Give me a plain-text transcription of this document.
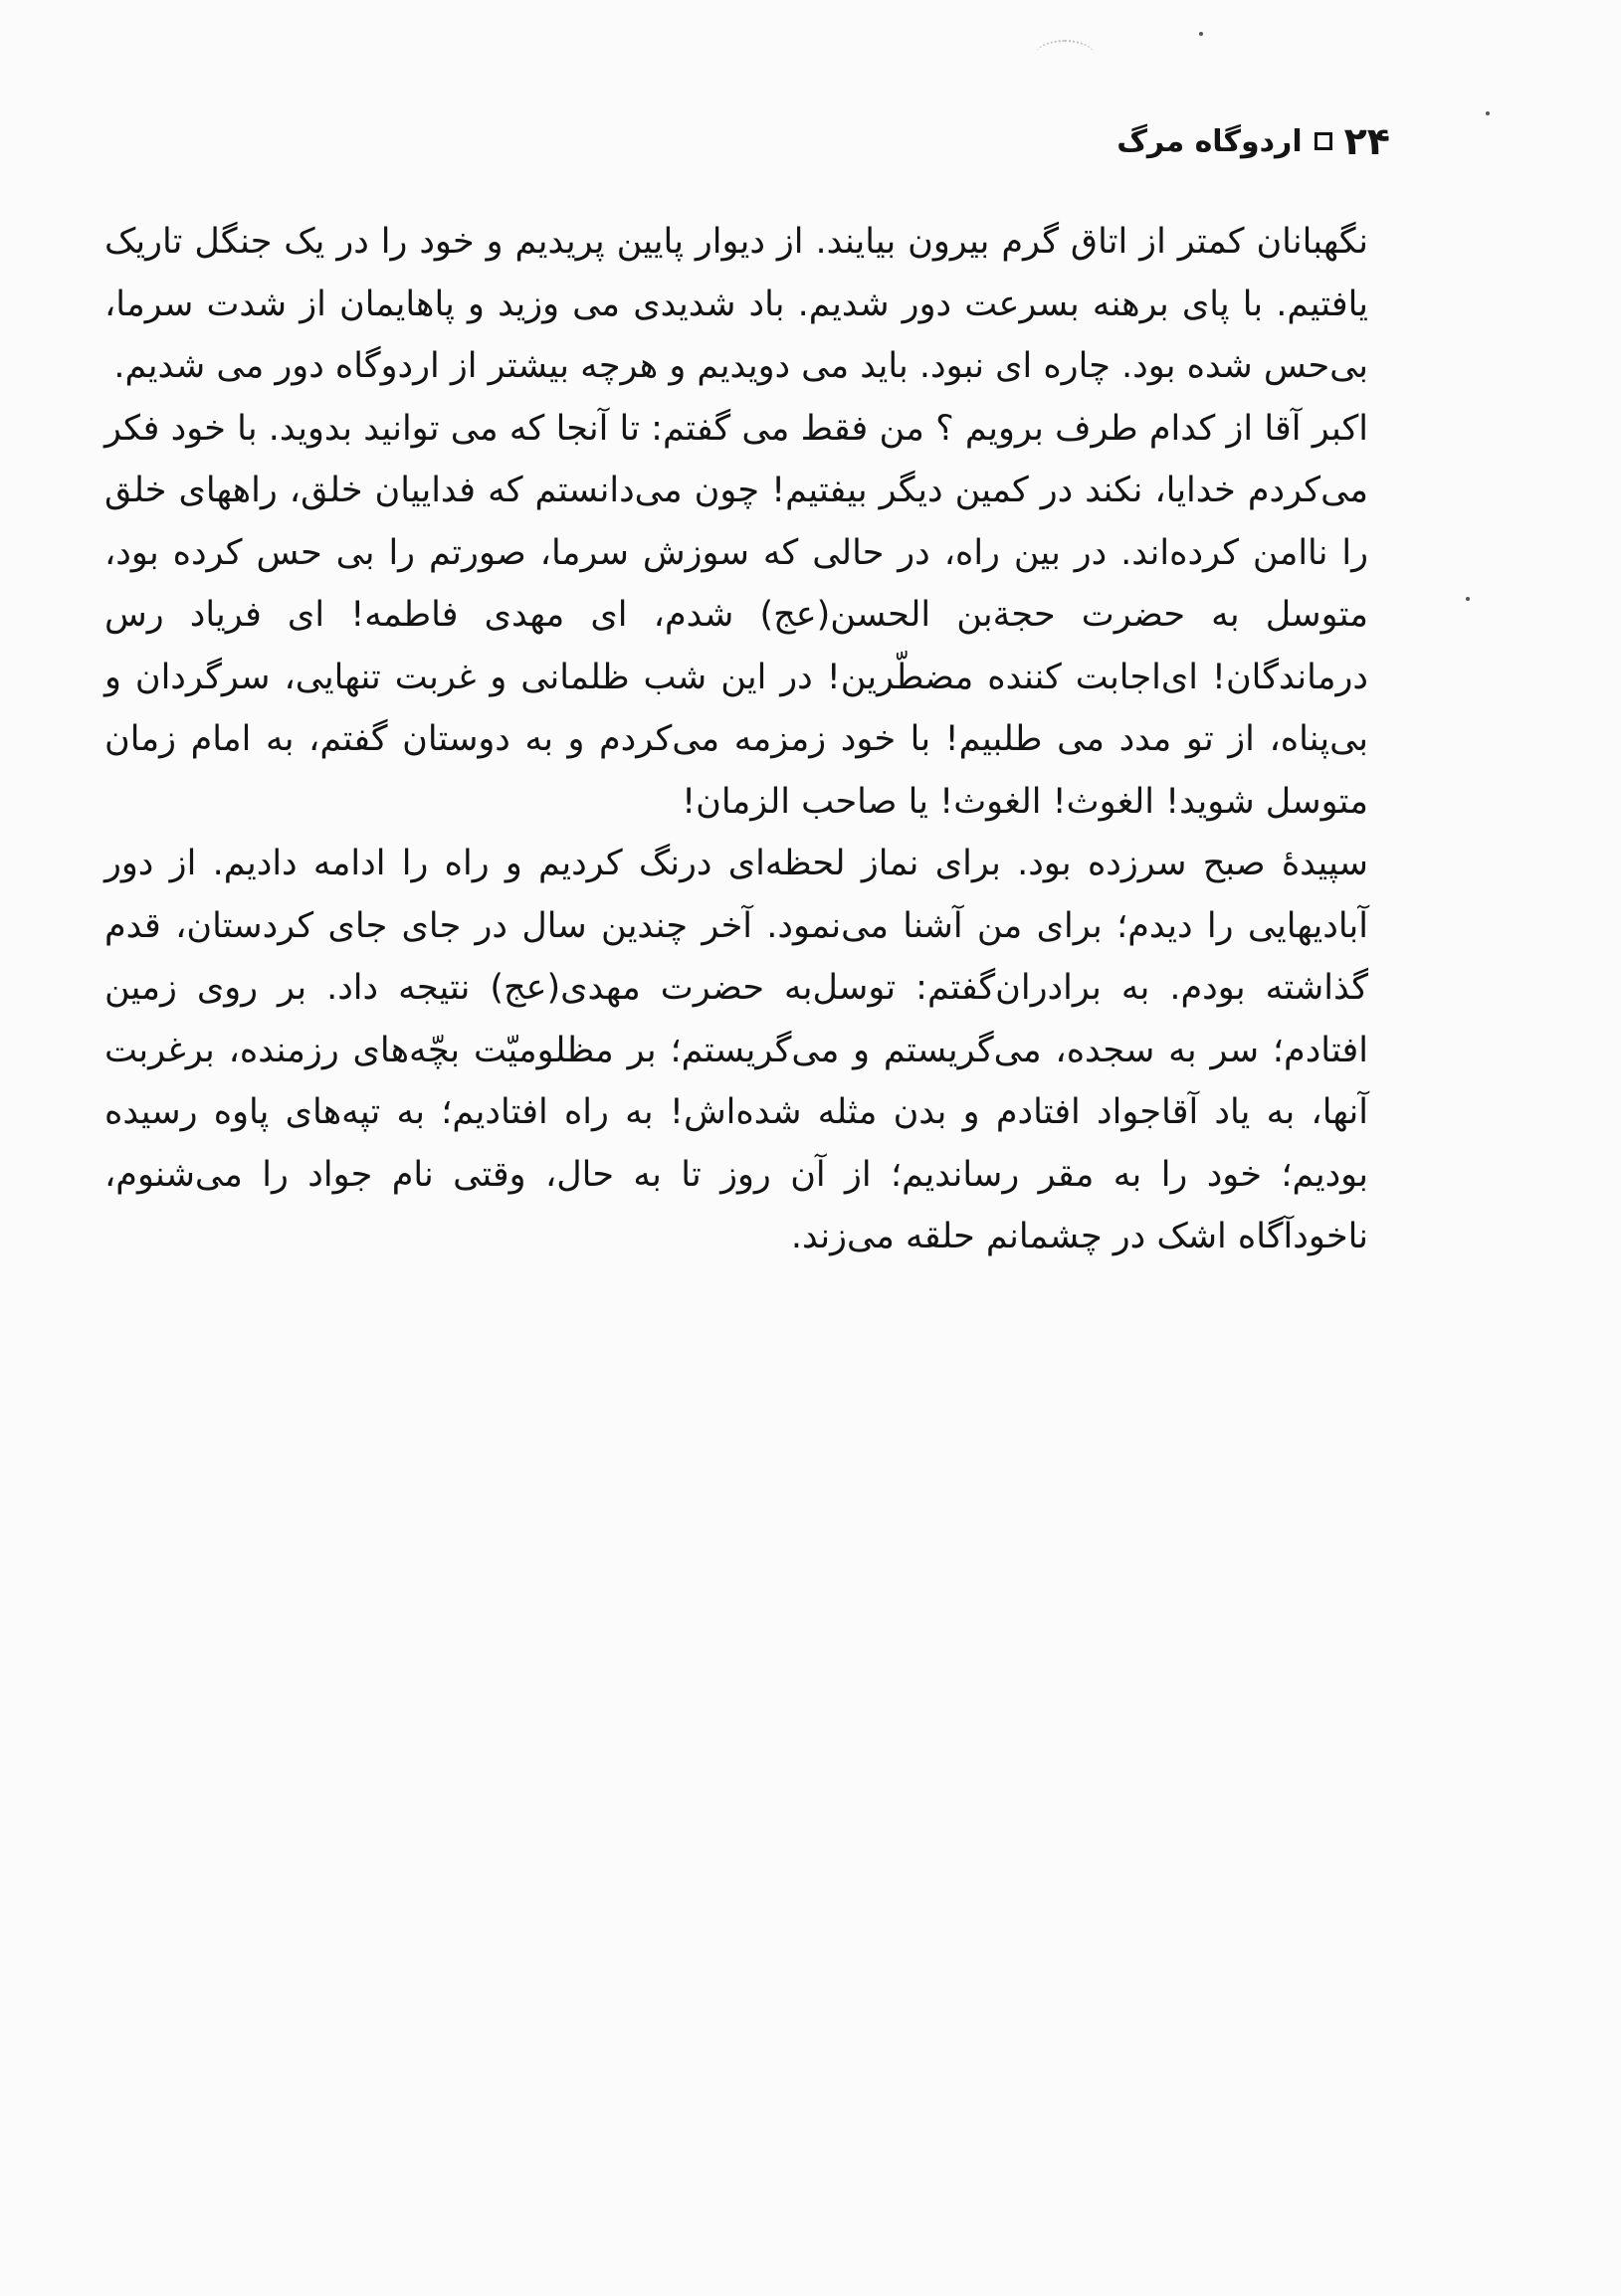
۲۴
اردوگاه مرگ

نگهبانان کمتر از اتاق گرم بیرون بیایند. از دیوار پایین پریدیم و خود را در یک جنگل تاریک یافتیم. با پای برهنه بسرعت دور شدیم. باد شدیدی می وزید و پاهایمان از شدت سرما، بی‌حس شده بود. چاره ای نبود. باید می دویدیم و هرچه بیشتر از اردوگاه دور می شدیم.

اکبر آقا از کدام طرف برویم ؟ من فقط می گفتم: تا آنجا که می توانید بدوید. با خود فکر می‌کردم خدایا، نکند در کمین دیگر بیفتیم! چون می‌دانستم که فداییان خلق، راههای خلق را ناامن کرده‌اند. در بین راه، در حالی که سوزش سرما، صورتم را بی حس کرده بود، متوسل به حضرت حجةبن الحسن(عج) شدم، ای مهدی فاطمه! ای فریاد رس درماندگان! ای‌اجابت کننده مضطّرین! در این شب ظلمانی و غربت تنهایی، سرگردان و بی‌پناه، از تو مدد می طلبیم! با خود زمزمه می‌کردم و به دوستان گفتم، به امام زمان متوسل شوید! الغوث! الغوث! یا صاحب الزمان!

سپیدهٔ صبح سرزده بود. برای نماز لحظه‌ای درنگ کردیم و راه را ادامه دادیم. از دور آبادیهایی را دیدم؛ برای من آشنا می‌نمود. آخر چندین سال در جای جای کردستان، قدم گذاشته بودم. به برادران‌گفتم: توسل‌به حضرت مهدی(عج) نتیجه داد. بر روی زمین افتادم؛ سر به سجده، می‌گریستم و می‌گریستم؛ بر مظلومیّت بچّه‌های رزمنده، برغربت آنها، به یاد آقاجواد افتادم و بدن مثله شده‌اش! به راه افتادیم؛ به تپه‌های پاوه رسیده بودیم؛ خود را به مقر رساندیم؛ از آن روز تا به حال، وقتی نام جواد را می‌شنوم، ناخودآگاه اشک در چشمانم حلقه می‌زند.
